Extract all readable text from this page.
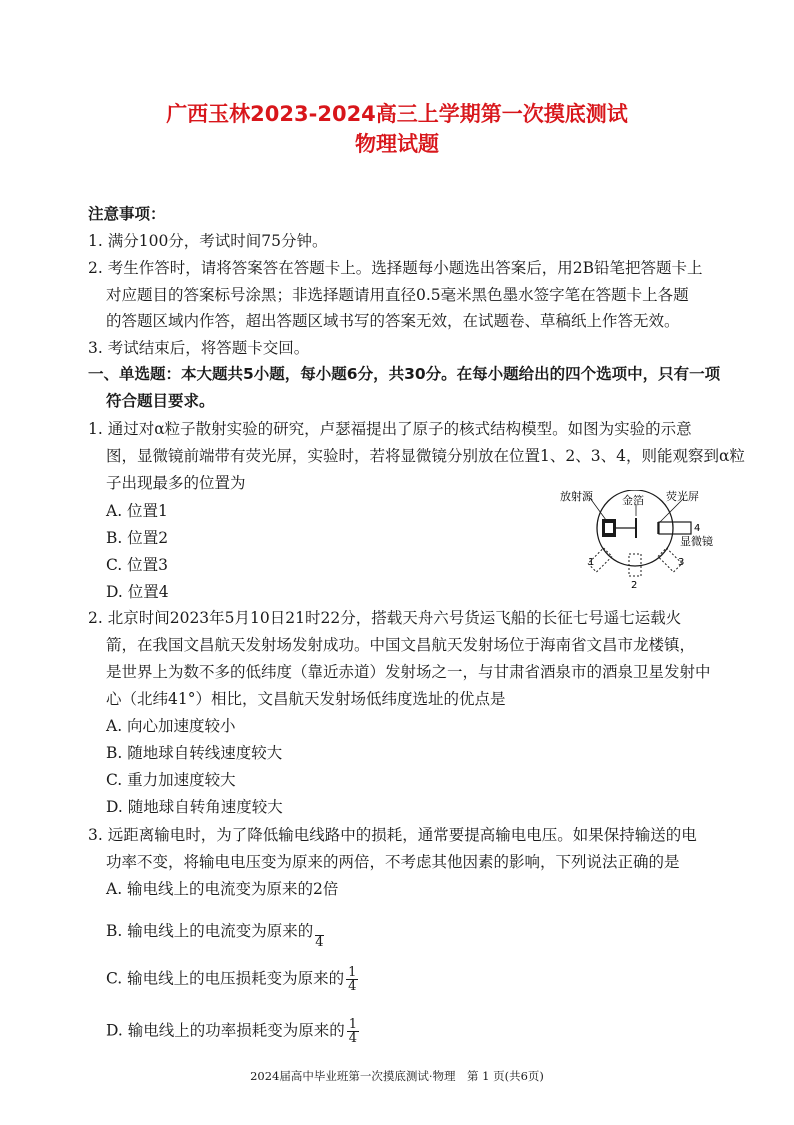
广西玉林2023-2024高三上学期第一次摸底测试
物理试题
注意事项：
1. 满分100分，考试时间75分钟。
2. 考生作答时，请将答案答在答题卡上。选择题每小题选出答案后，用2B铅笔把答题卡上
对应题目的答案标号涂黑；非选择题请用直径0.5毫米黑色墨水签字笔在答题卡上各题
的答题区域内作答，超出答题区域书写的答案无效，在试题卷、草稿纸上作答无效。
3. 考试结束后，将答题卡交回。
一、单选题：本大题共5小题，每小题6分，共30分。在每小题给出的四个选项中，只有一项
符合题目要求。
1. 通过对α粒子散射实验的研究，卢瑟福提出了原子的核式结构模型。如图为实验的示意
图，显微镜前端带有荧光屏，实验时，若将显微镜分别放在位置1、2、3、4，则能观察到α粒
子出现最多的位置为
A. 位置1
B. 位置2
C. 位置3
D. 位置4
放射源	金箔 荧光屏
4
显微镜
1
2
3
2. 北京时间2023年5月10日21时22分，搭载天舟六号货运飞船的长征七号遥七运载火
箭，在我国文昌航天发射场发射成功。中国文昌航天发射场位于海南省文昌市龙楼镇，
是世界上为数不多的低纬度（靠近赤道）发射场之一，与甘肃省酒泉市的酒泉卫星发射中
心（北纬41°）相比，文昌航天发射场低纬度选址的优点是
A. 向心加速度较小
B. 随地球自转线速度较大
C. 重力加速度较大
D. 随地球自转角速度较大
3. 远距离输电时，为了降低输电线路中的损耗，通常要提高输电电压。如果保持输送的电
功率不变，将输电电压变为原来的两倍，不考虑其他因素的影响，下列说法正确的是
A. 输电线上的电流变为原来的2倍
B. 输电线上的电流变为原来的
4
C. 输电线上的电压损耗变为原来的 $\frac{1}{4}$
D. 输电线上的功率损耗变为原来的 $\frac{1}{4}$
2024届高中毕业班第一次摸底测试·物理　第 1 页(共6页)
